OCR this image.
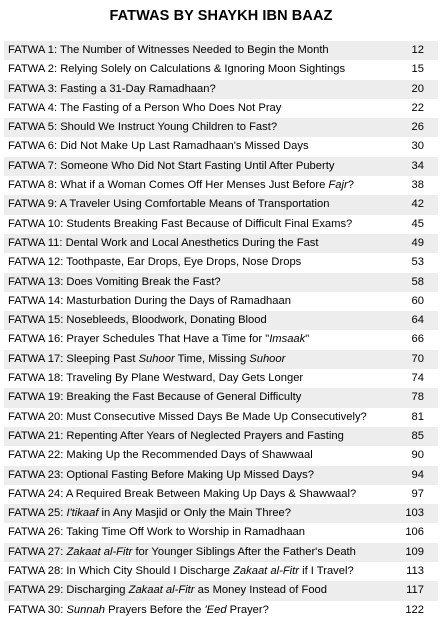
FATWAS BY SHAYKH IBN BAAZ
FATWA 1: The Number of Witnesses Needed to Begin the Month	12
FATWA 2: Relying Solely on Calculations & Ignoring Moon Sightings	15
FATWA 3: Fasting a 31-Day Ramadhaan?	20
FATWA 4: The Fasting of a Person Who Does Not Pray	22
FATWA 5: Should We Instruct Young Children to Fast?	26
FATWA 6: Did Not Make Up Last Ramadhaan's Missed Days	30
FATWA 7: Someone Who Did Not Start Fasting Until After Puberty	34
FATWA 8: What if a Woman Comes Off Her Menses Just Before Fajr?	38
FATWA 9: A Traveler Using Comfortable Means of Transportation	42
FATWA 10: Students Breaking Fast Because of Difficult Final Exams?	45
FATWA 11: Dental Work and Local Anesthetics During the Fast	49
FATWA 12: Toothpaste, Ear Drops, Eye Drops, Nose Drops	53
FATWA 13: Does Vomiting Break the Fast?	58
FATWA 14: Masturbation During the Days of Ramadhaan	60
FATWA 15: Nosebleeds, Bloodwork, Donating Blood	64
FATWA 16: Prayer Schedules That Have a Time for "Imsaak"	66
FATWA 17: Sleeping Past Suhoor Time, Missing Suhoor	70
FATWA 18: Traveling By Plane Westward, Day Gets Longer	74
FATWA 19: Breaking the Fast Because of General Difficulty	78
FATWA 20: Must Consecutive Missed Days Be Made Up Consecutively?	81
FATWA 21: Repenting After Years of Neglected Prayers and Fasting	85
FATWA 22: Making Up the Recommended Days of Shawwaal	90
FATWA 23: Optional Fasting Before Making Up Missed Days?	94
FATWA 24: A Required Break Between Making Up Days & Shawwaal?	97
FATWA 25: I'tikaaf in Any Masjid or Only the Main Three?	103
FATWA 26: Taking Time Off Work to Worship in Ramadhaan	106
FATWA 27: Zakaat al-Fitr for Younger Siblings After the Father's Death	109
FATWA 28: In Which City Should I Discharge Zakaat al-Fitr if I Travel?	113
FATWA 29: Discharging Zakaat al-Fitr as Money Instead of Food	117
FATWA 30: Sunnah Prayers Before the 'Eed Prayer?	122
